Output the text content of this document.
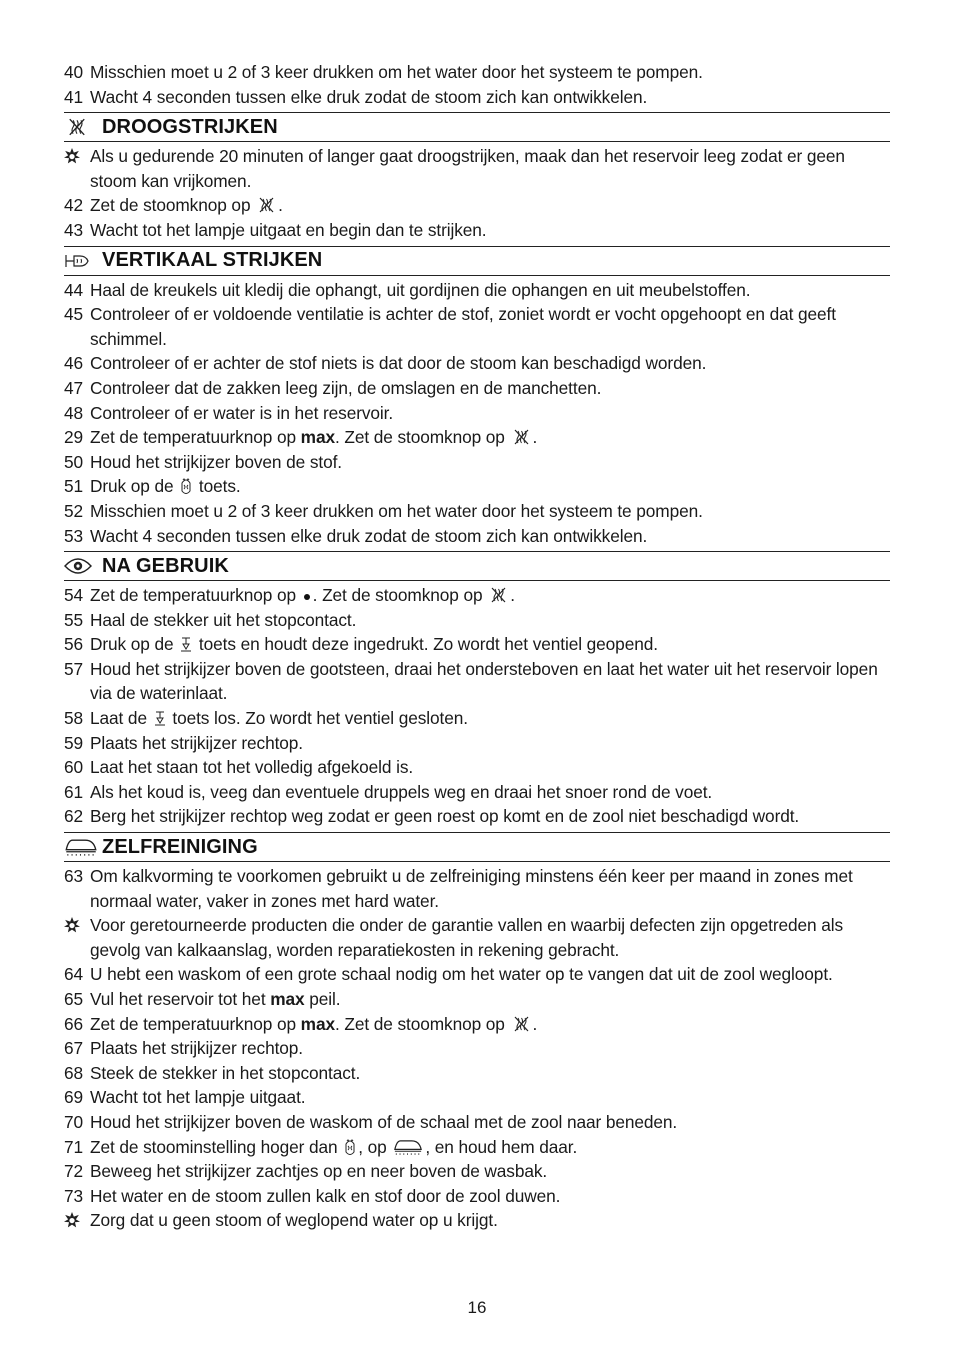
40 Misschien moet u 2 of 3 keer drukken om het water door het systeem te pompen.
41 Wacht 4 seconden tussen elke druk zodat de stoom zich kan ontwikkelen.
DROOGSTRIJKEN
Als u gedurende 20 minuten of langer gaat droogstrijken, maak dan het reservoir leeg zodat er geen stoom kan vrijkomen.
42 Zet de stoomknop op .
43 Wacht tot het lampje uitgaat en begin dan te strijken.
VERTIKAAL STRIJKEN
44 Haal de kreukels uit kledij die ophangt, uit gordijnen die ophangen en uit meubelstoffen.
45 Controleer of er voldoende ventilatie is achter de stof, zoniet wordt er vocht opgehoopt en dat geeft schimmel.
46 Controleer of er achter de stof niets is dat door de stoom kan beschadigd worden.
47 Controleer dat de zakken leeg zijn, de omslagen en de manchetten.
48 Controleer of er water is in het reservoir.
29 Zet de temperatuurknop op max. Zet de stoomknop op .
50 Houd het strijkijzer boven de stof.
51 Druk op de  toets.
52 Misschien moet u 2 of 3 keer drukken om het water door het systeem te pompen.
53 Wacht 4 seconden tussen elke druk zodat de stoom zich kan ontwikkelen.
NA GEBRUIK
54 Zet de temperatuurknop op . Zet de stoomknop op .
55 Haal de stekker uit het stopcontact.
56 Druk op de  toets en houdt deze ingedrukt. Zo wordt het ventiel geopend.
57 Houd het strijkijzer boven de gootsteen, draai het ondersteboven en laat het water uit het reservoir lopen via de waterinlaat.
58 Laat de  toets los. Zo wordt het ventiel gesloten.
59 Plaats het strijkijzer rechtop.
60 Laat het staan tot het volledig afgekoeld is.
61 Als het koud is, veeg dan eventuele druppels weg en draai het snoer rond de voet.
62 Berg het strijkijzer rechtop weg zodat er geen roest op komt en de zool niet beschadigd wordt.
ZELFREINIGING
63 Om kalkvorming te voorkomen gebruikt u de zelfreiniging minstens één keer per maand in zones met normaal water, vaker in zones met hard water.
Voor geretourneerde producten die onder de garantie vallen en waarbij defecten zijn opgetreden als gevolg van kalkaanslag, worden reparatiekosten in rekening gebracht.
64 U hebt een waskom of een grote schaal nodig om het water op te vangen dat uit de zool wegloopt.
65 Vul het reservoir tot het max peil.
66 Zet de temperatuurknop op max. Zet de stoomknop op .
67 Plaats het strijkijzer rechtop.
68 Steek de stekker in het stopcontact.
69 Wacht tot het lampje uitgaat.
70 Houd het strijkijzer boven de waskom of de schaal met de zool naar beneden.
71 Zet de stoominstelling hoger dan , op , en houd hem daar.
72 Beweeg het strijkijzer zachtjes op en neer boven de wasbak.
73 Het water en de stoom zullen kalk en stof door de zool duwen.
Zorg dat u geen stoom of weglopend water op u krijgt.
16
